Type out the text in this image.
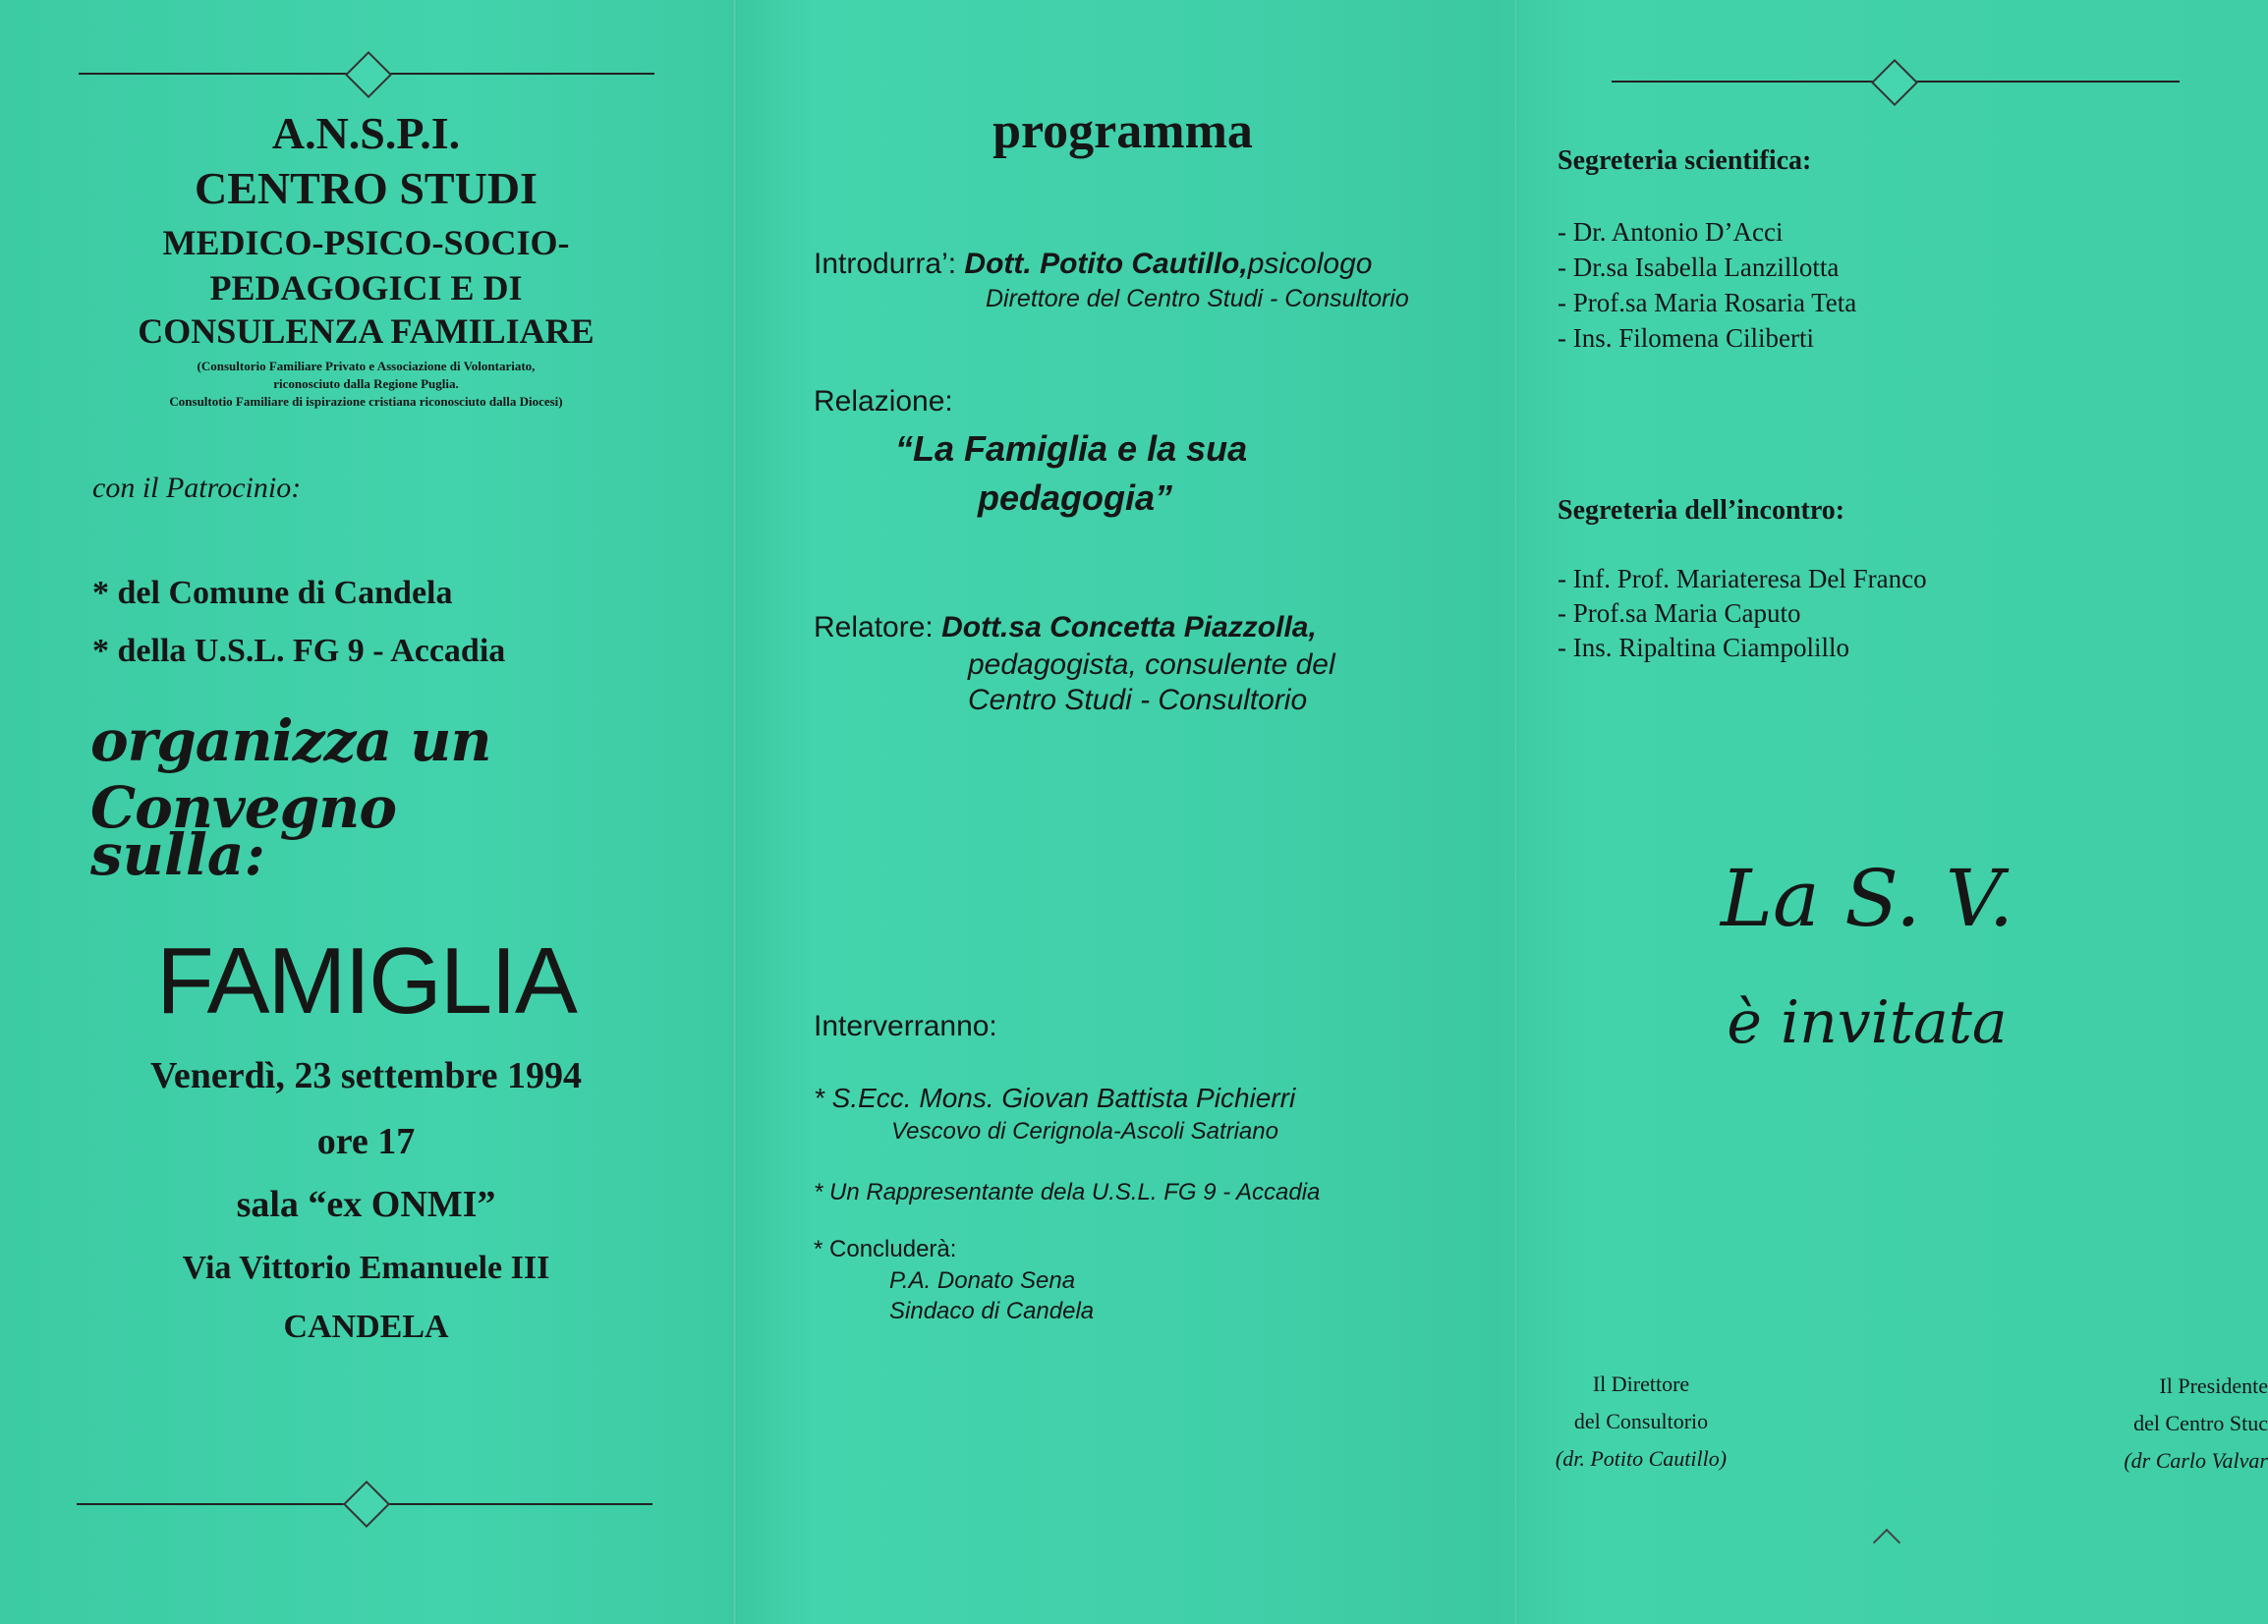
A.N.S.P.I.
CENTRO STUDI
MEDICO-PSICO-SOCIO-
PEDAGOGICI E DI
CONSULENZA FAMILIARE
(Consultorio Familiare Privato e Associazione di Volontariato,
riconosciuto dalla Regione Puglia.
Consultotio Familiare di ispirazione cristiana riconosciuto dalla Diocesi)
con il Patrocinio:
* del Comune di Candela
* della U.S.L. FG 9 - Accadia
organizza un Convegno
sulla:
FAMIGLIA
Venerdì, 23 settembre 1994
ore 17
sala “ex ONMI”
Via Vittorio Emanuele III
CANDELA
programma
Introdurra’: Dott. Potito Cautillo,psicologo
Direttore del Centro Studi - Consultorio
Relazione:
“La Famiglia e la sua
pedagogia”
Relatore: Dott.sa Concetta Piazzolla,
pedagogista, consulente del
Centro Studi - Consultorio
Interverranno:
* S.Ecc. Mons. Giovan Battista Pichierri
Vescovo di Cerignola-Ascoli Satriano
* Un Rappresentante dela U.S.L. FG 9 - Accadia
* Concluderà:
P.A. Donato Sena
Sindaco di Candela
Segreteria scientifica:
- Dr. Antonio D’Acci
- Dr.sa Isabella Lanzillotta
- Prof.sa Maria Rosaria Teta
- Ins. Filomena Ciliberti
Segreteria dell’incontro:
- Inf. Prof. Mariateresa Del Franco
- Prof.sa Maria Caputo
- Ins. Ripaltina Ciampolillo
La S. V.
è invitata
Il Direttore
del Consultorio
(dr. Potito Cautillo)
Il Presidente
del Centro Stuc
(dr Carlo Valvar
